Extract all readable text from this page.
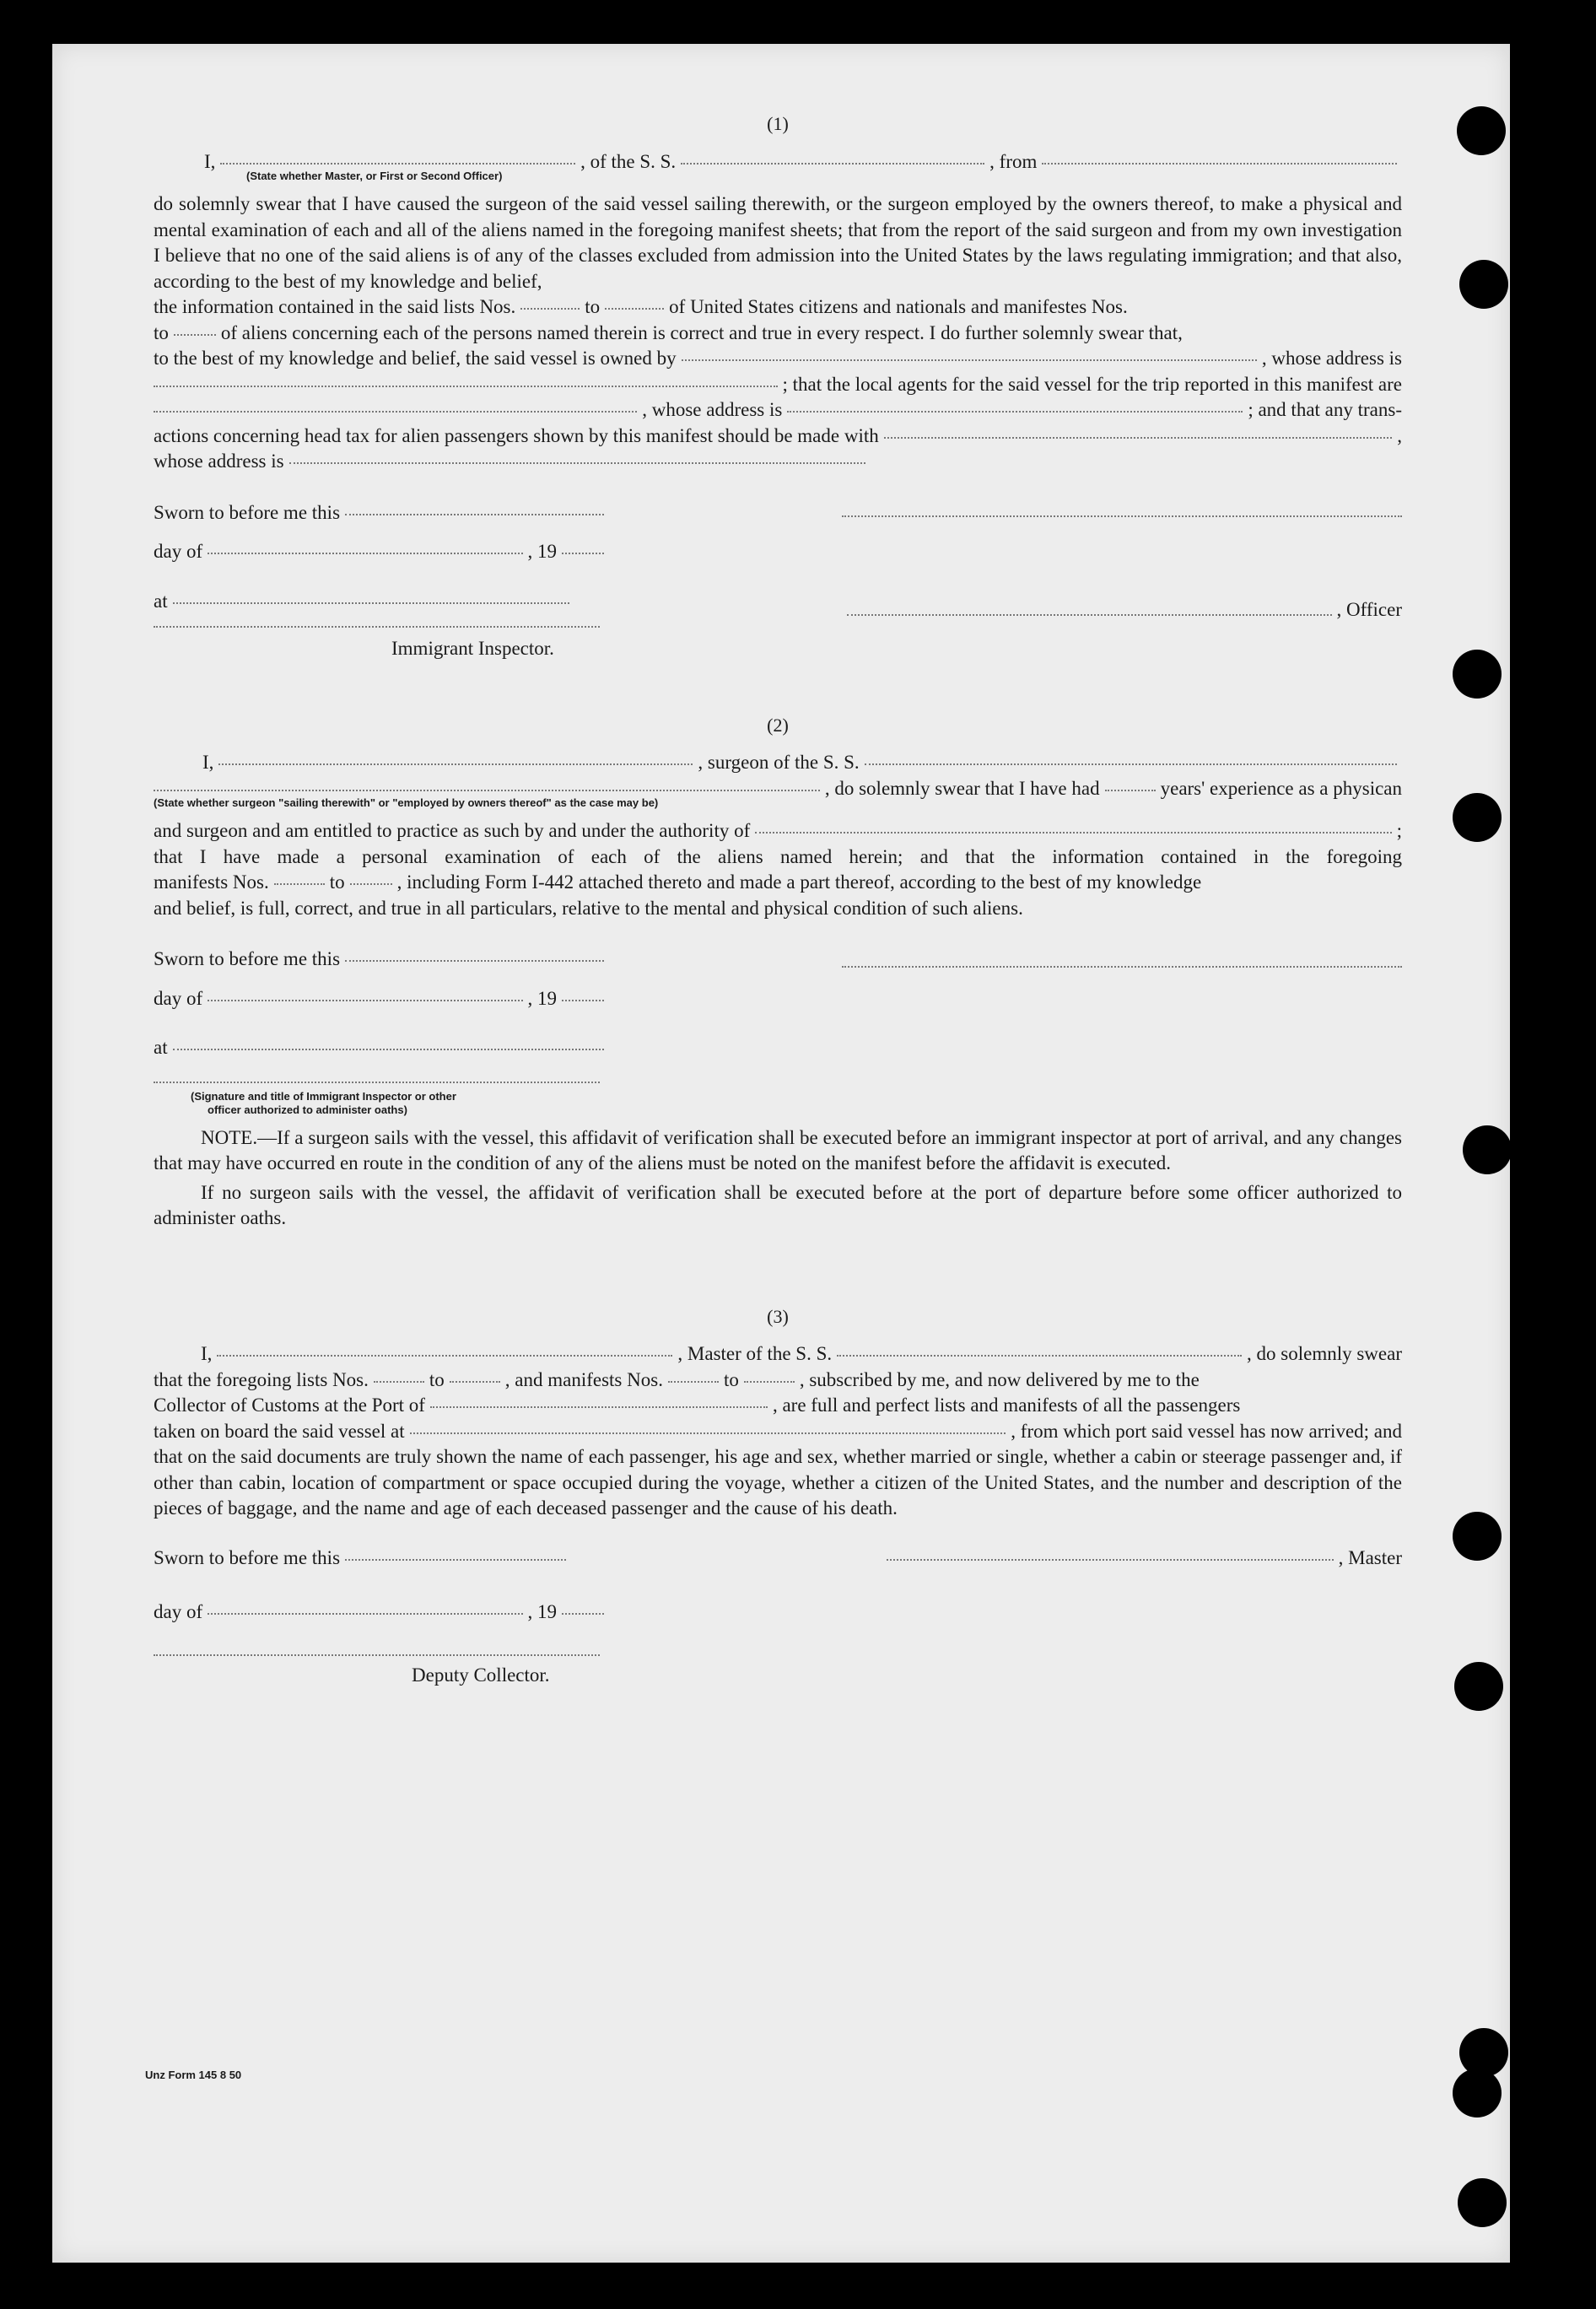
(1)
I,	, of the S. S.	, from
(State whether Master, or First or Second Officer)
do solemnly swear that I have caused the surgeon of the said vessel sailing therewith, or the surgeon employed by the owners thereof, to make a physical and mental examination of each and all of the aliens named in the foregoing manifest sheets; that from the report of the said surgeon and from my own investigation I believe that no one of the said aliens is of any of the classes excluded from admission into the United States by the laws regulating immigration; and that also, according to the best of my knowledge and belief,
the information contained in the said lists Nos.	to	of United States citizens and nationals and manifestes Nos.
to	of aliens concerning each of the persons named therein is correct and true in every respect. I do further solemnly swear that,
to the best of my knowledge and belief, the said vessel is owned by	, whose address is
; that the local agents for the said vessel for the trip reported in this manifest are
, whose address is	; and that any trans-
actions concerning head tax for alien passengers shown by this manifest should be made with	,
whose address is
Sworn to before me this
day of	, 19
at	, Officer
Immigrant Inspector.
(2)
I,	, surgeon of the S. S.
, do solemnly swear that I have had	years' experience as a physican
(State whether surgeon "sailing therewith" or "employed by owners thereof" as the case may be)
and surgeon and am entitled to practice as such by and under the authority of	;
that I have made a personal examination of each of the aliens named herein; and that the information contained in the foregoing
manifests Nos.	to	, including Form I-442 attached thereto and made a part thereof, according to the best of my knowledge
and belief, is full, correct, and true in all particulars, relative to the mental and physical condition of such aliens.
Sworn to before me this
day of	, 19
at
(Signature and title of Immigrant Inspector or other
officer authorized to administer oaths)
NOTE.—If a surgeon sails with the vessel, this affidavit of verification shall be executed before an immigrant inspector at port of arrival, and any changes that may have occurred en route in the condition of any of the aliens must be noted on the manifest before the affidavit is executed.
If no surgeon sails with the vessel, the affidavit of verification shall be executed before at the port of departure before some officer authorized to administer oaths.
(3)
I,	, Master of the S. S.	, do solemnly swear
that the foregoing lists Nos.	to	, and manifests Nos.	to	, subscribed by me, and now delivered by me to the
Collector of Customs at the Port of	, are full and perfect lists and manifests of all the passengers
taken on board the said vessel at	, from which port said vessel has now arrived; and
that on the said documents are truly shown the name of each passenger, his age and sex, whether married or single, whether a cabin or steerage passenger and, if other than cabin, location of compartment or space occupied during the voyage, whether a citizen of the United States, and the number and description of the pieces of baggage, and the name and age of each deceased passenger and the cause of his death.
Sworn to before me this	, Master
day of	, 19
Deputy Collector.
Unz Form 145 8 50
